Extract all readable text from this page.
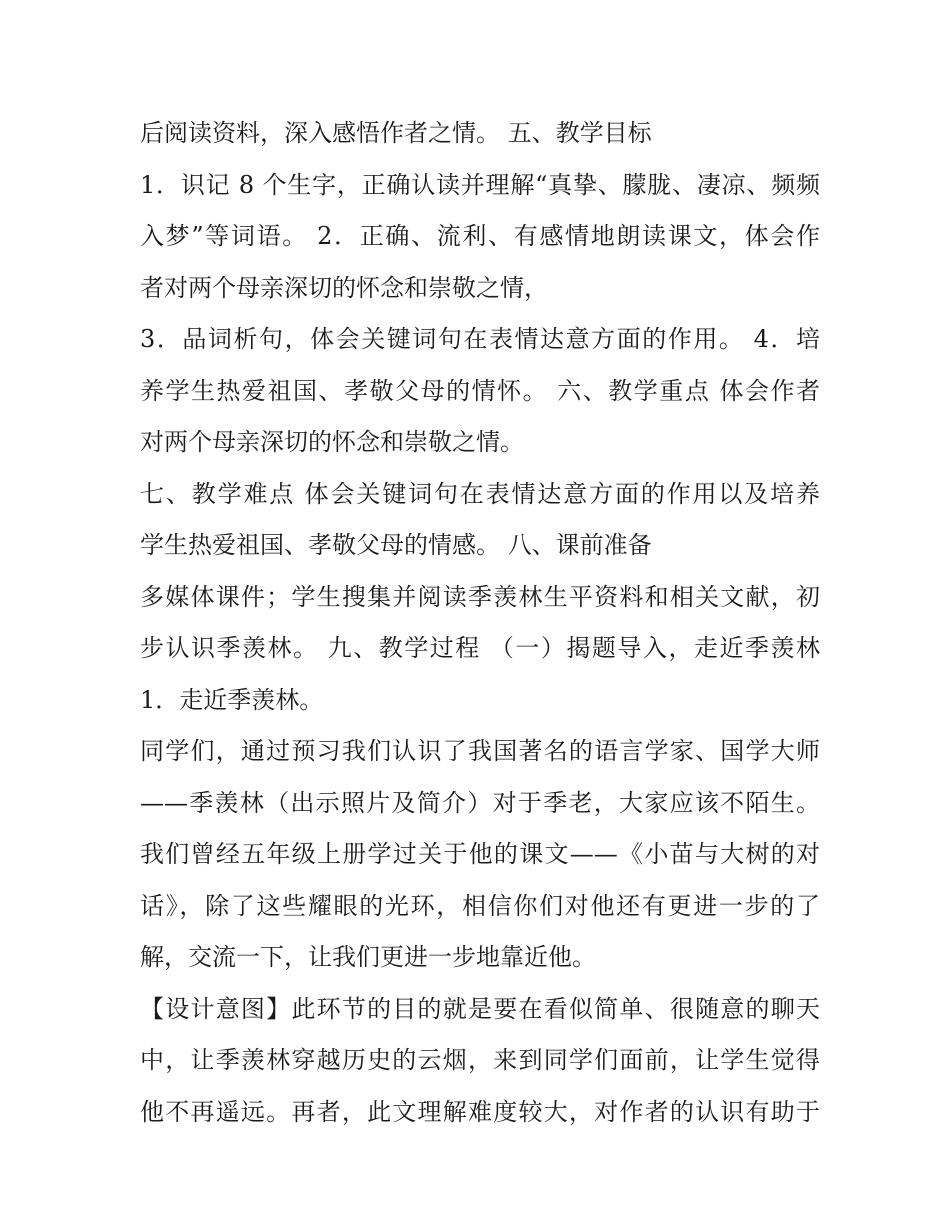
后阅读资料，深入感悟作者之情。 五、教学目标
1．识记 8 个生字，正确认读并理解“真挚、朦胧、凄凉、频频
入梦”等词语。 2．正确、流利、有感情地朗读课文，体会作
者对两个母亲深切的怀念和崇敬之情，
3．品词析句，体会关键词句在表情达意方面的作用。 4．培
养学生热爱祖国、孝敬父母的情怀。 六、教学重点 体会作者
对两个母亲深切的怀念和崇敬之情。
七、教学难点 体会关键词句在表情达意方面的作用以及培养
学生热爱祖国、孝敬父母的情感。 八、课前准备
多媒体课件；学生搜集并阅读季羡林生平资料和相关文献，初
步认识季羡林。 九、教学过程 （一）揭题导入，走近季羡林
1．走近季羡林。
同学们，通过预习我们认识了我国著名的语言学家、国学大师
——季羡林（出示照片及简介）对于季老，大家应该不陌生。
我们曾经五年级上册学过关于他的课文——《小苗与大树的对
话》，除了这些耀眼的光环，相信你们对他还有更进一步的了
解，交流一下，让我们更进一步地靠近他。
【设计意图】此环节的目的就是要在看似简单、很随意的聊天
中，让季羡林穿越历史的云烟，来到同学们面前，让学生觉得
他不再遥远。再者，此文理解难度较大，对作者的认识有助于
